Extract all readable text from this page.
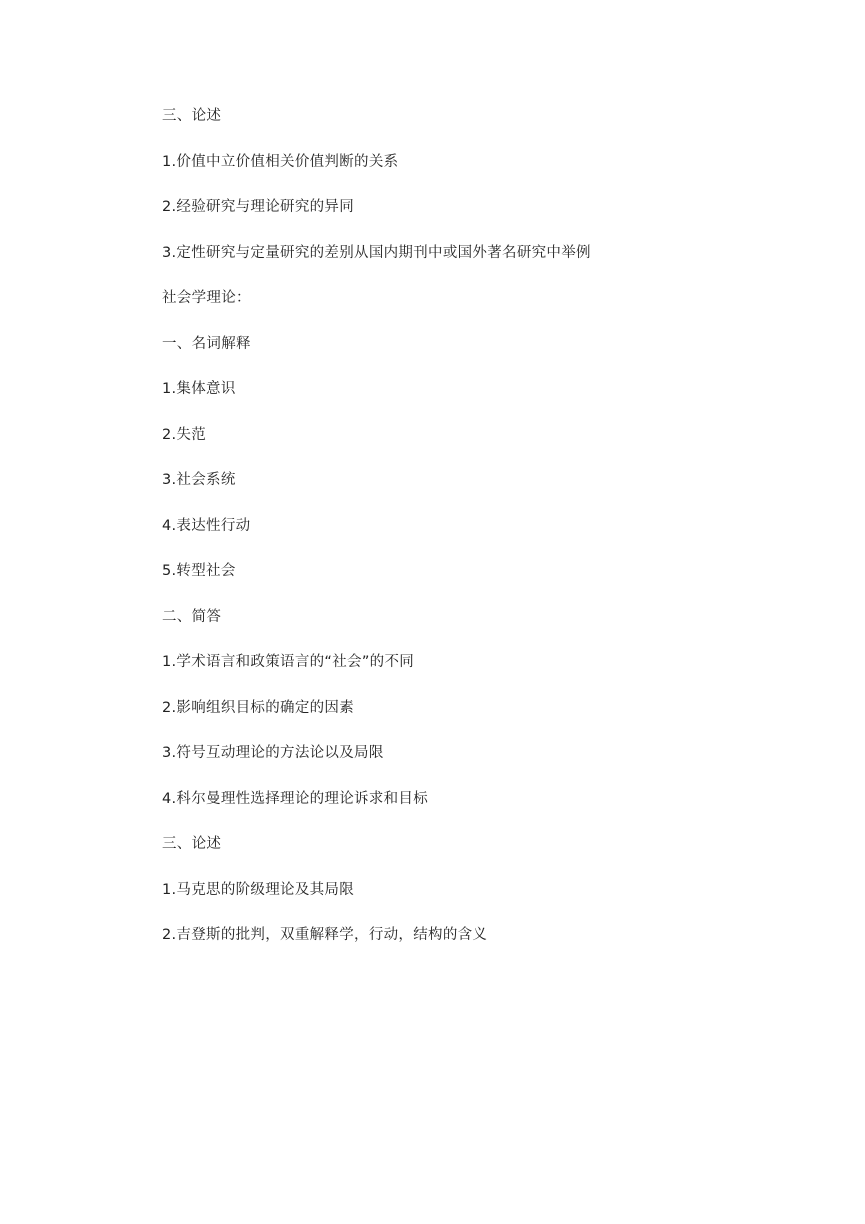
三、论述
1.价值中立价值相关价值判断的关系
2.经验研究与理论研究的异同
3.定性研究与定量研究的差别从国内期刊中或国外著名研究中举例
社会学理论：
一、名词解释
1.集体意识
2.失范
3.社会系统
4.表达性行动
5.转型社会
二、简答
1.学术语言和政策语言的“社会”的不同
2.影响组织目标的确定的因素
3.符号互动理论的方法论以及局限
4.科尔曼理性选择理论的理论诉求和目标
三、论述
1.马克思的阶级理论及其局限
2.吉登斯的批判，双重解释学，行动，结构的含义
